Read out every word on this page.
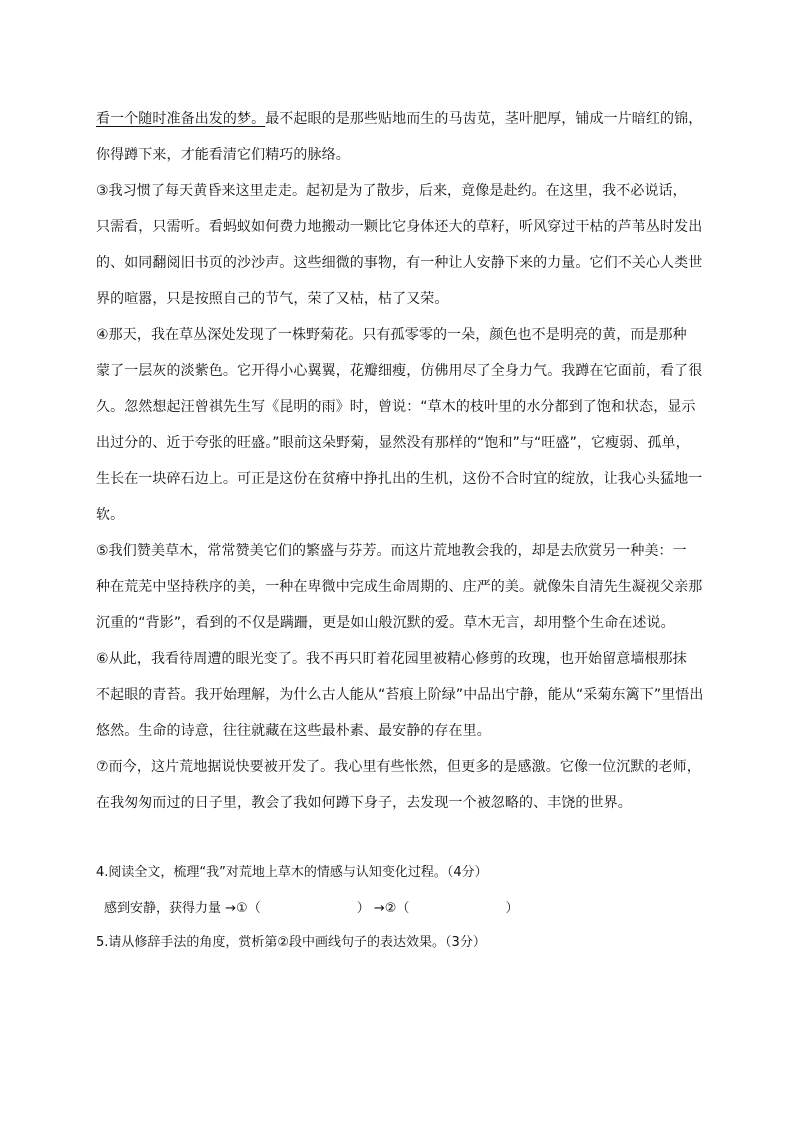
看一个随时准备出发的梦。最不起眼的是那些贴地而生的马齿苋，茎叶肥厚，铺成一片暗红的锦，
你得蹲下来，才能看清它们精巧的脉络。
③我习惯了每天黄昏来这里走走。起初是为了散步，后来，竟像是赴约。在这里，我不必说话，
只需看，只需听。看蚂蚁如何费力地搬动一颗比它身体还大的草籽，听风穿过干枯的芦苇丛时发出
的、如同翻阅旧书页的沙沙声。这些细微的事物，有一种让人安静下来的力量。它们不关心人类世
界的喧嚣，只是按照自己的节气，荣了又枯，枯了又荣。
④那天，我在草丛深处发现了一株野菊花。只有孤零零的一朵，颜色也不是明亮的黄，而是那种
蒙了一层灰的淡紫色。它开得小心翼翼，花瓣细瘦，仿佛用尽了全身力气。我蹲在它面前，看了很
久。忽然想起汪曾祺先生写《昆明的雨》时，曾说：“草木的枝叶里的水分都到了饱和状态，显示
出过分的、近于夸张的旺盛。”眼前这朵野菊，显然没有那样的“饱和”与“旺盛”，它瘦弱、孤单，
生长在一块碎石边上。可正是这份在贫瘠中挣扎出的生机，这份不合时宜的绽放，让我心头猛地一
软。
⑤我们赞美草木，常常赞美它们的繁盛与芬芳。而这片荒地教会我的，却是去欣赏另一种美：一
种在荒芜中坚持秩序的美，一种在卑微中完成生命周期的、庄严的美。就像朱自清先生凝视父亲那
沉重的“背影”，看到的不仅是蹒跚，更是如山般沉默的爱。草木无言，却用整个生命在述说。
⑥从此，我看待周遭的眼光变了。我不再只盯着花园里被精心修剪的玫瑰，也开始留意墙根那抹
不起眼的青苔。我开始理解，为什么古人能从“苔痕上阶绿”中品出宁静，能从“采菊东篱下”里悟出
悠然。生命的诗意，往往就藏在这些最朴素、最安静的存在里。
⑦而今，这片荒地据说快要被开发了。我心里有些怅然，但更多的是感激。它像一位沉默的老师，
在我匆匆而过的日子里，教会了我如何蹲下身子，去发现一个被忽略的、丰饶的世界。
4.阅读全文，梳理“我”对荒地上草木的情感与认知变化过程。（4分）
感到安静，获得力量 →①（	） →②（	）
5.请从修辞手法的角度，赏析第②段中画线句子的表达效果。（3分）
